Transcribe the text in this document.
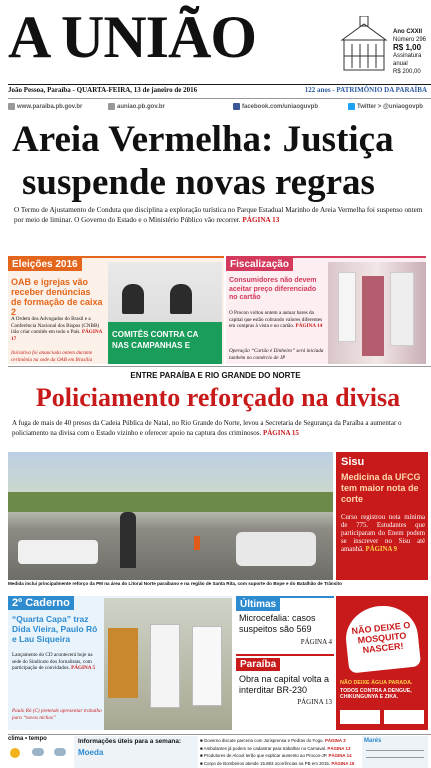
A UNIÃO	Ano CXXII
Número 296
R$ 1,00
Assinatura
anual
R$ 200,00
João Pessoa, Paraíba - QUARTA-FEIRA, 13 de janeiro de 2016	122 anos - PATRIMÔNIO DA PARAÍBA
www.paraiba.pb.gov.br	auniao.pb.gov.br	facebook.com/uniaoguvpb	Twitter > @uniaogovpb
Areia Vermelha: Justiça
suspende novas regras
O Termo de Ajustamento de Conduta que disciplina a exploração turística no Parque Estadual Marinho de Areia Vermelha foi suspenso ontem por meio de liminar. O Governo do Estado e o Ministério Público vão recorrer. PÁGINA 13
Eleições 2016
OAB e igrejas vão receber denúncias de formação de caixa 2
A Ordem dos Advogados do Brasil e a Conferência Nacional dos Bispos (CNBB) irão criar comitês em todo o País. PÁGINA 17
Iniciativa foi anunciada ontem durante cerimônia na sede da OAB em Brasília
COMITÊS CONTRA CA
NAS CAMPANHAS E
Fiscalização
Consumidores não devem aceitar preço diferenciado no cartão
O Procon voltou ontem a autuar bares da capital que estão cobrando valores diferentes em compras à vista e no cartão. PÁGINA 14
Operação “Cartão é Dinheiro” será iniciada também no comércio de JP
ENTRE PARAÍBA E RIO GRANDE DO NORTE
Policiamento reforçado na divisa
A fuga de mais de 40 presos da Cadeia Pública de Natal, no Rio Grande do Norte, levou a Secretaria de Segurança da Paraíba a aumentar o policiamento na divisa com o Estado vizinho e oferecer apoio na captura dos criminosos. PÁGINA 15
Medida inclui principalmente reforço da PM na área do Litoral Norte paraibano e na região de Santa Rita, com suporte do Bope e do Batalhão de Trânsito
Sisu
Medicina da UFCG tem maior nota de corte
Curso registrou nota mínima de 775. Estudantes que participaram do Enem podem se inscrever no Sisu até amanhã. PÁGINA 9
2º Caderno
“Quarta Capa” traz Dida Vieira, Paulo Rô e Lau Siqueira
Lançamento do CD acontecerá hoje na sede do Sindicato dos Jornalistas, com participação de convidados. PÁGINA 5
Paulo Rô (C) pretende apresentar trabalho para “novos nichos”
Últimas
Microcefalia: casos suspeitos são 569
PÁGINA 4
Paraíba
Obra na capital volta a interditar BR-230
PÁGINA 13
NÃO DEIXE O MOSQUITO NASCER!
NÃO DEIXE ÁGUA PARADA.
TODOS CONTRA A DENGUE, CHIKUNGUNYA E ZIKA.
clima • tempo	Informações úteis para a semana:
Moeda
■ Governo discute parceria com Jurisprensa e Pedras do Fogo. PÁGINA 3
■ Ambulantes já podem se cadastrar para trabalhar no Carnaval. PÁGINA 13
■ Produtores de Alcool terão que explicar aumento ao Procon-JP. PÁGINA 14
■ Corpo de Bombeiros atende 15.883 ocorrências na PB em 2015. PÁGINA 15
Marés
